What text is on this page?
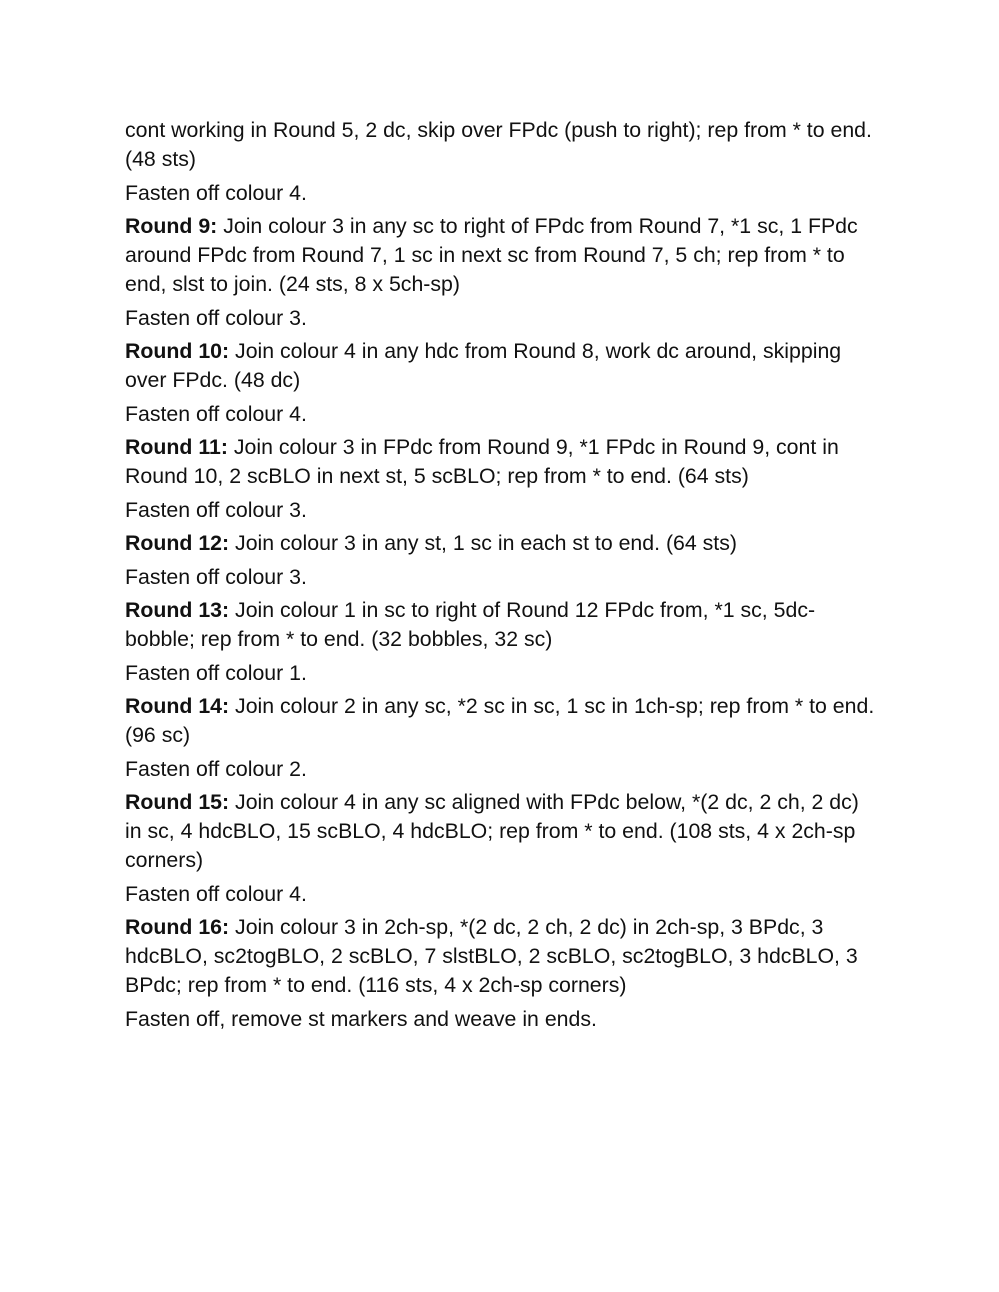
cont working in Round 5, 2 dc, skip over FPdc (push to right); rep from * to end. (48 sts)

Fasten off colour 4.

Round 9: Join colour 3 in any sc to right of FPdc from Round 7, *1 sc, 1 FPdc around FPdc from Round 7, 1 sc in next sc from Round 7, 5 ch; rep from * to end, slst to join. (24 sts, 8 x 5ch-sp)

Fasten off colour 3.

Round 10: Join colour 4 in any hdc from Round 8, work dc around, skipping over FPdc. (48 dc)

Fasten off colour 4.

Round 11: Join colour 3 in FPdc from Round 9, *1 FPdc in Round 9, cont in Round 10, 2 scBLO in next st, 5 scBLO; rep from * to end. (64 sts)

Fasten off colour 3.

Round 12: Join colour 3 in any st, 1 sc in each st to end. (64 sts)

Fasten off colour 3.

Round 13: Join colour 1 in sc to right of Round 12 FPdc from, *1 sc, 5dc-bobble; rep from * to end. (32 bobbles, 32 sc)

Fasten off colour 1.

Round 14: Join colour 2 in any sc, *2 sc in sc, 1 sc in 1ch-sp; rep from * to end. (96 sc)

Fasten off colour 2.

Round 15: Join colour 4 in any sc aligned with FPdc below, *(2 dc, 2 ch, 2 dc) in sc, 4 hdcBLO, 15 scBLO, 4 hdcBLO; rep from * to end. (108 sts, 4 x 2ch-sp corners)

Fasten off colour 4.

Round 16: Join colour 3 in 2ch-sp, *(2 dc, 2 ch, 2 dc) in 2ch-sp, 3 BPdc, 3 hdcBLO, sc2togBLO, 2 scBLO, 7 slstBLO, 2 scBLO, sc2togBLO, 3 hdcBLO, 3 BPdc; rep from * to end. (116 sts, 4 x 2ch-sp corners)

Fasten off, remove st markers and weave in ends.
